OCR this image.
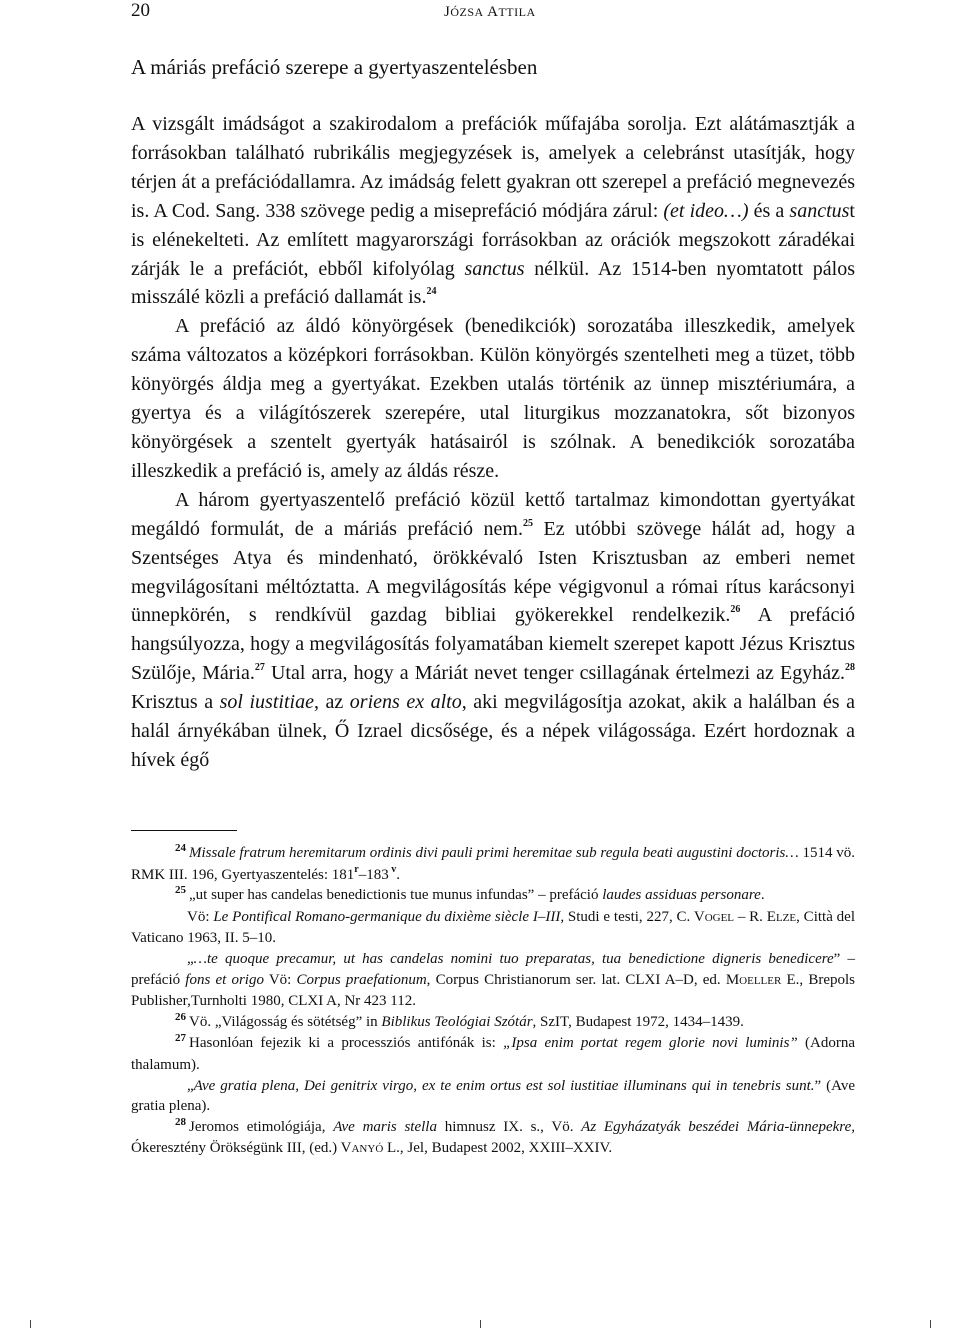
20	JÓZSA ATTILA
A máriás prefáció szerepe a gyertyaszentelésben

A vizsgált imádságot a szakirodalom a prefációk műfajába sorolja. Ezt alátámasztják a forrásokban található rubrikális megjegyzések is, amelyek a celebránst utasítják, hogy térjen át a prefációdallamra. Az imádság felett gyakran ott szerepel a prefáció megnevezés is. A Cod. Sang. 338 szövege pedig a miseprefáció módjára zárul: (et ideo…) és a sanctust is elénekelteti. Az említett magyarországi forrásokban az orációk megszokott záradékai zárják le a prefációt, ebből kifolyólag sanctus nélkül. Az 1514-ben nyomtatott pálos misszálé közli a prefáció dallamát is.$^{24}$

A prefáció az áldó könyörgések (benedikciók) sorozatába illeszkedik, amelyek száma változatos a középkori forrásokban. Külön könyörgés szentelheti meg a tüzet, több könyörgés áldja meg a gyertyákat. Ezekben utalás történik az ünnep misztériumára, a gyertya és a világítószerek szerepére, utal liturgikus mozzanatokra, sőt bizonyos könyörgések a szentelt gyertyák hatásairól is szólnak. A benedikciók sorozatába illeszkedik a prefáció is, amely az áldás része.

A három gyertyaszentelő prefáció közül kettő tartalmaz kimondottan gyertyákat megáldó formulát, de a máriás prefáció nem.$^{25}$ Ez utóbbi szövege hálát ad, hogy a Szentséges Atya és mindenható, örökkévaló Isten Krisztusban az emberi nemet megvilágosítani méltóztatta. A megvilágosítás képe végigvonul a római rítus karácsonyi ünnepkörén, s rendkívül gazdag bibliai gyökerekkel rendelkezik.$^{26}$ A prefáció hangsúlyozza, hogy a megvilágosítás folyamatában kiemelt szerepet kapott Jézus Krisztus Szülője, Mária.$^{27}$ Utal arra, hogy a Máriát nevet tenger csillagának értelmezi az Egyház.$^{28}$ Krisztus a sol iustitiae, az oriens ex alto, aki megvilágosítja azokat, akik a halálban és a halál árnyékában ülnek, Ő Izrael dicsősége, és a népek világossága. Ezért hordoznak a hívek égő

$^{24}$ Missale fratrum heremitarum ordinis divi pauli primi heremitae sub regula beati augustini doctoris… 1514 vö. RMK III. 196, Gyertyaszentelés: 181$^r$–183 $^v$.

$^{25}$ „ut super has candelas benedictionis tue munus infundas” – prefáció laudes assiduas personare.

Vö: Le Pontifical Romano-germanique du dixième siècle I–III, Studi e testi, 227, C. VOGEL – R. ELZE, Città del Vaticano 1963, II. 5–10.

„…te quoque precamur, ut has candelas nomini tuo preparatas, tua benedictione digneris benedicere” – prefáció fons et origo Vö: Corpus praefationum, Corpus Christianorum ser. lat. CLXI A–D, ed. MOELLER E., Brepols Publisher,Turnholti 1980, CLXI A, Nr 423 112.

$^{26}$ Vö. „Világosság és sötétség” in Biblikus Teológiai Szótár, SzIT, Budapest 1972, 1434–1439.

$^{27}$ Hasonlóan fejezik ki a processziós antifónák is: „Ipsa enim portat regem glorie novi luminis” (Adorna thalamum).

„Ave gratia plena, Dei genitrix virgo, ex te enim ortus est sol iustitiae illuminans qui in tenebris sunt.” (Ave gratia plena).

$^{28}$ Jeromos etimológiája, Ave maris stella himnusz IX. s., Vö. Az Egyházatyák beszédei Mária-ünnepekre, Ókeresztény Örökségünk III, (ed.) VANYÓ L., Jel, Budapest 2002, XXIII–XXIV.
